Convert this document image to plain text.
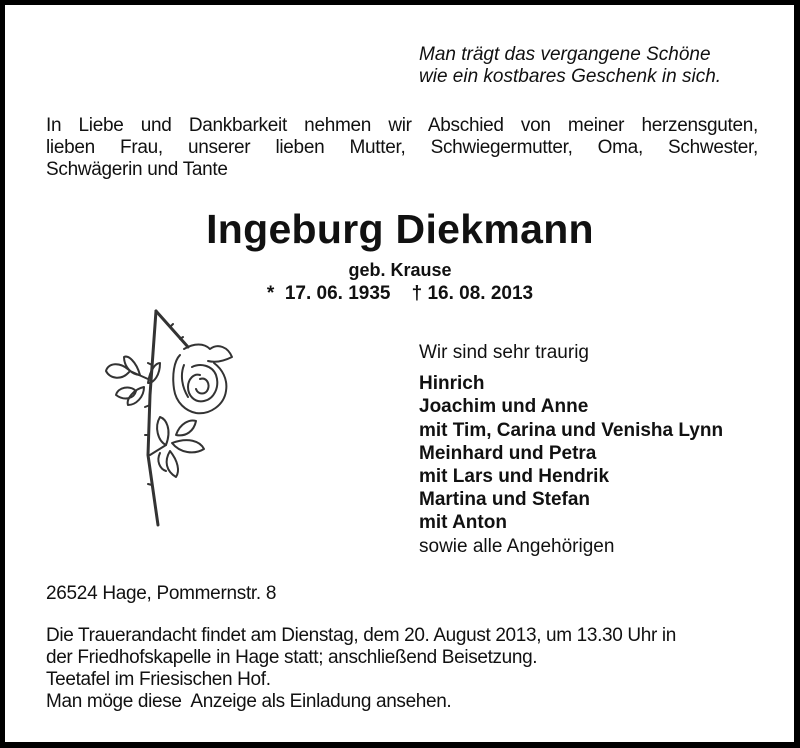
Man trägt das vergangene Schöne
wie ein kostbares Geschenk in sich.

In Liebe und Dankbarkeit nehmen wir Abschied von meiner herzensguten,
lieben Frau, unserer lieben Mutter, Schwiegermutter, Oma, Schwester,
Schwägerin und Tante

Ingeburg Diekmann
geb. Krause
*  17. 06. 1935    † 16. 08. 2013
Wir sind sehr traurig
Hinrich
Joachim und Anne
mit Tim, Carina und Venisha Lynn
Meinhard und Petra
mit Lars und Hendrik
Martina und Stefan
mit Anton
sowie alle Angehörigen
26524 Hage, Pommernstr. 8
Die Trauerandacht findet am Dienstag, dem 20. August 2013, um 13.30 Uhr in
der Friedhofskapelle in Hage statt; anschließend Beisetzung.
Teetafel im Friesischen Hof.
Man möge diese  Anzeige als Einladung ansehen.
